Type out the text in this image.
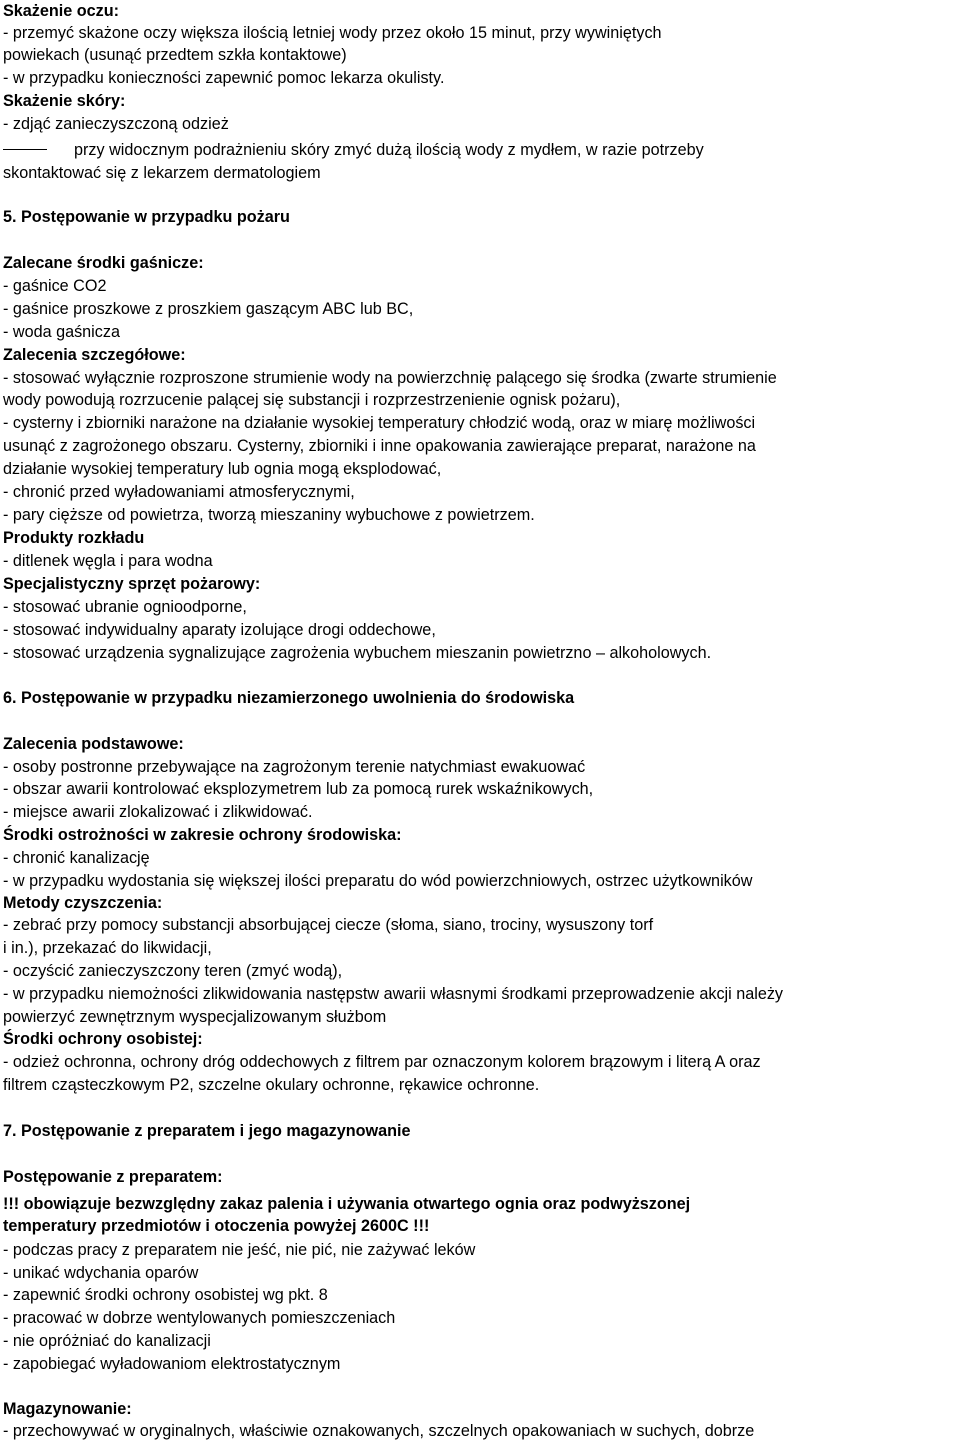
Skażenie oczu:

- przemyć skażone oczy większa ilością letniej wody przez około 15 minut, przy wywiniętych

powiekach (usunąć przedtem szkła kontaktowe)

- w przypadku konieczności zapewnić pomoc lekarza okulisty.

Skażenie skóry:

- zdjąć zanieczyszczoną odzież

skontaktować się z lekarzem dermatologiem

5. Postępowanie w przypadku pożaru

Zalecane środki gaśnicze:

- gaśnice CO2

- gaśnice proszkowe z proszkiem gaszącym ABC lub BC,

- woda gaśnicza

Zalecenia szczegółowe:

- stosować wyłącznie rozproszone strumienie wody na powierzchnię palącego się środka (zwarte strumienie

wody powodują rozrzucenie palącej się substancji i rozprzestrzenienie ognisk pożaru),

- cysterny i zbiorniki narażone na działanie wysokiej temperatury chłodzić wodą, oraz w miarę możliwości

usunąć z zagrożonego obszaru. Cysterny, zbiorniki i inne opakowania zawierające preparat, narażone na

działanie wysokiej temperatury lub ognia mogą eksplodować,

- chronić przed wyładowaniami atmosferycznymi,

- pary cięższe od powietrza, tworzą mieszaniny wybuchowe z powietrzem.

Produkty rozkładu

- ditlenek węgla i para wodna

Specjalistyczny sprzęt pożarowy:

- stosować ubranie ognioodporne,

- stosować indywidualny aparaty izolujące drogi oddechowe,

- stosować urządzenia sygnalizujące zagrożenia wybuchem mieszanin powietrzno – alkoholowych.

6. Postępowanie w przypadku niezamierzonego uwolnienia do środowiska

Zalecenia podstawowe:

- osoby postronne przebywające na zagrożonym terenie natychmiast ewakuować

- obszar awarii kontrolować eksplozymetrem lub za pomocą rurek wskaźnikowych,

- miejsce awarii zlokalizować i zlikwidować.

Środki ostrożności w zakresie ochrony środowiska:

- chronić kanalizację

- w przypadku wydostania się większej ilości preparatu do wód powierzchniowych, ostrzec użytkowników

Metody czyszczenia:

- zebrać przy pomocy substancji absorbującej ciecze (słoma, siano, trociny, wysuszony torf

i in.), przekazać do likwidacji,

- oczyścić zanieczyszczony teren (zmyć wodą),

- w przypadku niemożności zlikwidowania następstw awarii własnymi środkami przeprowadzenie akcji należy

powierzyć zewnętrznym wyspecjalizowanym służbom

Środki ochrony osobistej:

- odzież ochronna, ochrony dróg oddechowych z filtrem par oznaczonym kolorem brązowym i literą A oraz

filtrem cząsteczkowym P2, szczelne okulary ochronne, rękawice ochronne.

7. Postępowanie z preparatem i jego magazynowanie

Postępowanie z preparatem:

!!! obowiązuje bezwzględny zakaz palenia i używania otwartego ognia oraz podwyższonej

temperatury przedmiotów i otoczenia powyżej 2600C !!!

- podczas pracy z preparatem nie jeść, nie pić, nie zażywać leków

- unikać wdychania oparów

- zapewnić środki ochrony osobistej wg pkt. 8

- pracować w dobrze wentylowanych pomieszczeniach

- nie opróżniać do kanalizacji

- zapobiegać wyładowaniom elektrostatycznym

Magazynowanie:

- przechowywać w oryginalnych, właściwie oznakowanych, szczelnych opakowaniach w suchych, dobrze

przy widocznym podrażnieniu skóry zmyć dużą ilością wody z mydłem, w razie potrzeby
